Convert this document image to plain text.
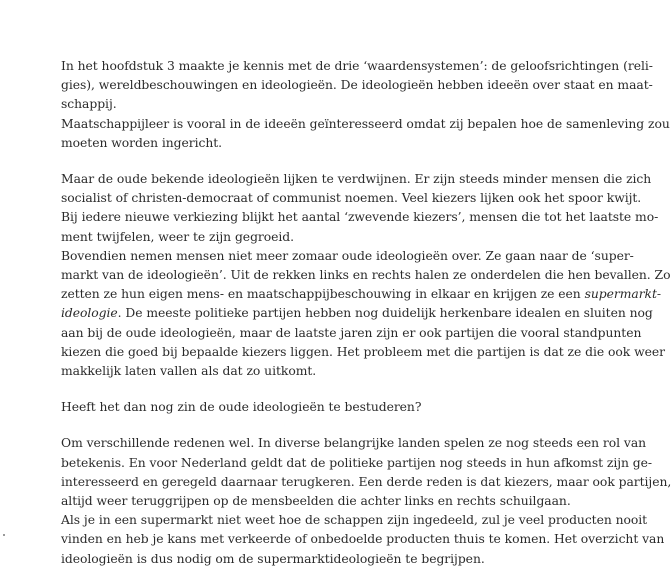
In het hoofdstuk 3 maakte je kennis met de drie ‘waardensystemen’: de geloofsrichtingen (reli-
gies), wereldbeschouwingen en ideologieën. De ideologieën hebben ideeën over staat en maat-
schappij.

Maatschappijleer is vooral in de ideeën geïnteresseerd omdat zij bepalen hoe de samenleving zou
moeten worden ingericht.

Maar de oude bekende ideologieën lijken te verdwijnen. Er zijn steeds minder mensen die zich
socialist of christen-democraat of communist noemen. Veel kiezers lijken ook het spoor kwijt.
Bij iedere nieuwe verkiezing blijkt het aantal ‘zwevende kiezers’, mensen die tot het laatste mo-
ment twijfelen, weer te zijn gegroeid.

Bovendien nemen mensen niet meer zomaar oude ideologieën over. Ze gaan naar de ‘super-
markt van de ideologieën’. Uit de rekken links en rechts halen ze onderdelen die hen bevallen. Zo
zetten ze hun eigen mens- en maatschappijbeschouwing in elkaar en krijgen ze een supermarkt-
ideologie. De meeste politieke partijen hebben nog duidelijk herkenbare idealen en sluiten nog
aan bij de oude ideologieën, maar de laatste jaren zijn er ook partijen die vooral standpunten
kiezen die goed bij bepaalde kiezers liggen. Het probleem met die partijen is dat ze die ook weer
makkelijk laten vallen als dat zo uitkomt.

Heeft het dan nog zin de oude ideologieën te bestuderen?

Om verschillende redenen wel. In diverse belangrijke landen spelen ze nog steeds een rol van
betekenis. En voor Nederland geldt dat de politieke partijen nog steeds in hun afkomst zijn ge-
interesseerd en geregeld daarnaar terugkeren. Een derde reden is dat kiezers, maar ook partijen,
altijd weer teruggrijpen op de mensbeelden die achter links en rechts schuilgaan.

Als je in een supermarkt niet weet hoe de schappen zijn ingedeeld, zul je veel producten nooit
vinden en heb je kans met verkeerde of onbedoelde producten thuis te komen. Het overzicht van
ideologieën is dus nodig om de supermarktideologieën te begrijpen.
